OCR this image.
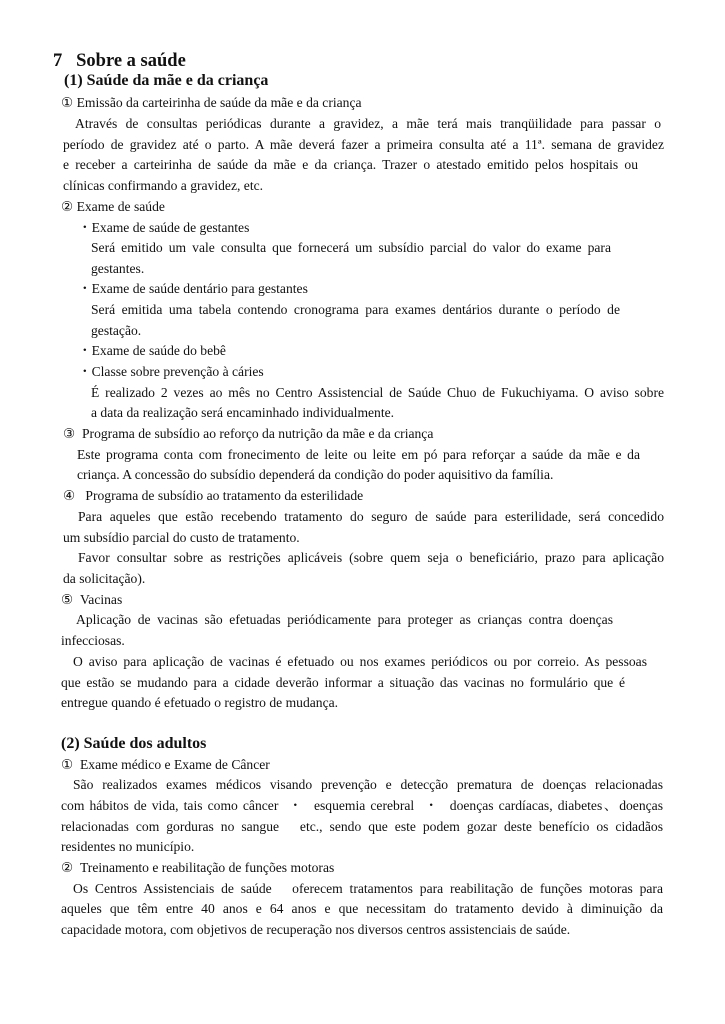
7   Sobre a saúde
(1) Saúde da mãe e da criança
① Emissão da carteirinha de saúde da mãe e da criança
Através de consultas periódicas durante a gravidez, a mãe terá mais tranqüilidade para passar o
período de gravidez até o parto. A mãe deverá fazer a primeira consulta até a 11ª. semana de gravidez
e receber a carteirinha de saúde da mãe e da criança. Trazer o atestado emitido pelos hospitais ou
clínicas confirmando a gravidez, etc.
② Exame de saúde
・Exame de saúde de gestantes
Será emitido um vale consulta que fornecerá um subsídio parcial do valor do exame para
gestantes.
・Exame de saúde dentário para gestantes
Será emitida uma tabela contendo cronograma para exames dentários durante o período de
gestação.
・Exame de saúde do bebê
・Classe sobre prevenção à cáries
É realizado 2 vezes ao mês no Centro Assistencial de Saúde Chuo de Fukuchiyama. O aviso sobre
a data da realização será encaminhado individualmente.
③  Programa de subsídio ao reforço da nutrição da mãe e da criança
Este programa conta com fronecimento de leite ou leite em pó para reforçar a saúde da mãe e da
criança. A concessão do subsídio dependerá da condição do poder aquisitivo da família.
④   Programa de subsídio ao tratamento da esterilidade
Para aqueles que estão recebendo tratamento do seguro de saúde para esterilidade, será concedido
um subsídio parcial do custo de tratamento.
Favor consultar sobre as restrições aplicáveis (sobre quem seja o beneficiário, prazo para aplicação
da solicitação).
⑤  Vacinas
Aplicação de vacinas são efetuadas periódicamente para proteger as crianças contra doenças
infecciosas.
O aviso para aplicação de vacinas é efetuado ou nos exames periódicos ou por correio. As pessoas
que estão se mudando para a cidade deverão informar a situação das vacinas no formulário que é
entregue quando é efetuado o registro de mudança.
(2) Saúde dos adultos
①  Exame médico e Exame de Câncer
São realizados exames médicos visando prevenção e detecção prematura de doenças relacionadas
com hábitos de vida, tais como câncer  ・  esquemia cerebral  ・  doenças cardíacas, diabetes、doenças
relacionadas com gorduras no sangue   etc., sendo que este podem gozar deste benefício os cidadãos
residentes no município.
②  Treinamento e reabilitação de funções motoras
Os Centros Assistenciais de saúde   oferecem tratamentos para reabilitação de funções motoras para
aqueles que têm entre 40 anos e 64 anos e que necessitam do tratamento devido à diminuição da
capacidade motora, com objetivos de recuperação nos diversos centros assistenciais de saúde.
